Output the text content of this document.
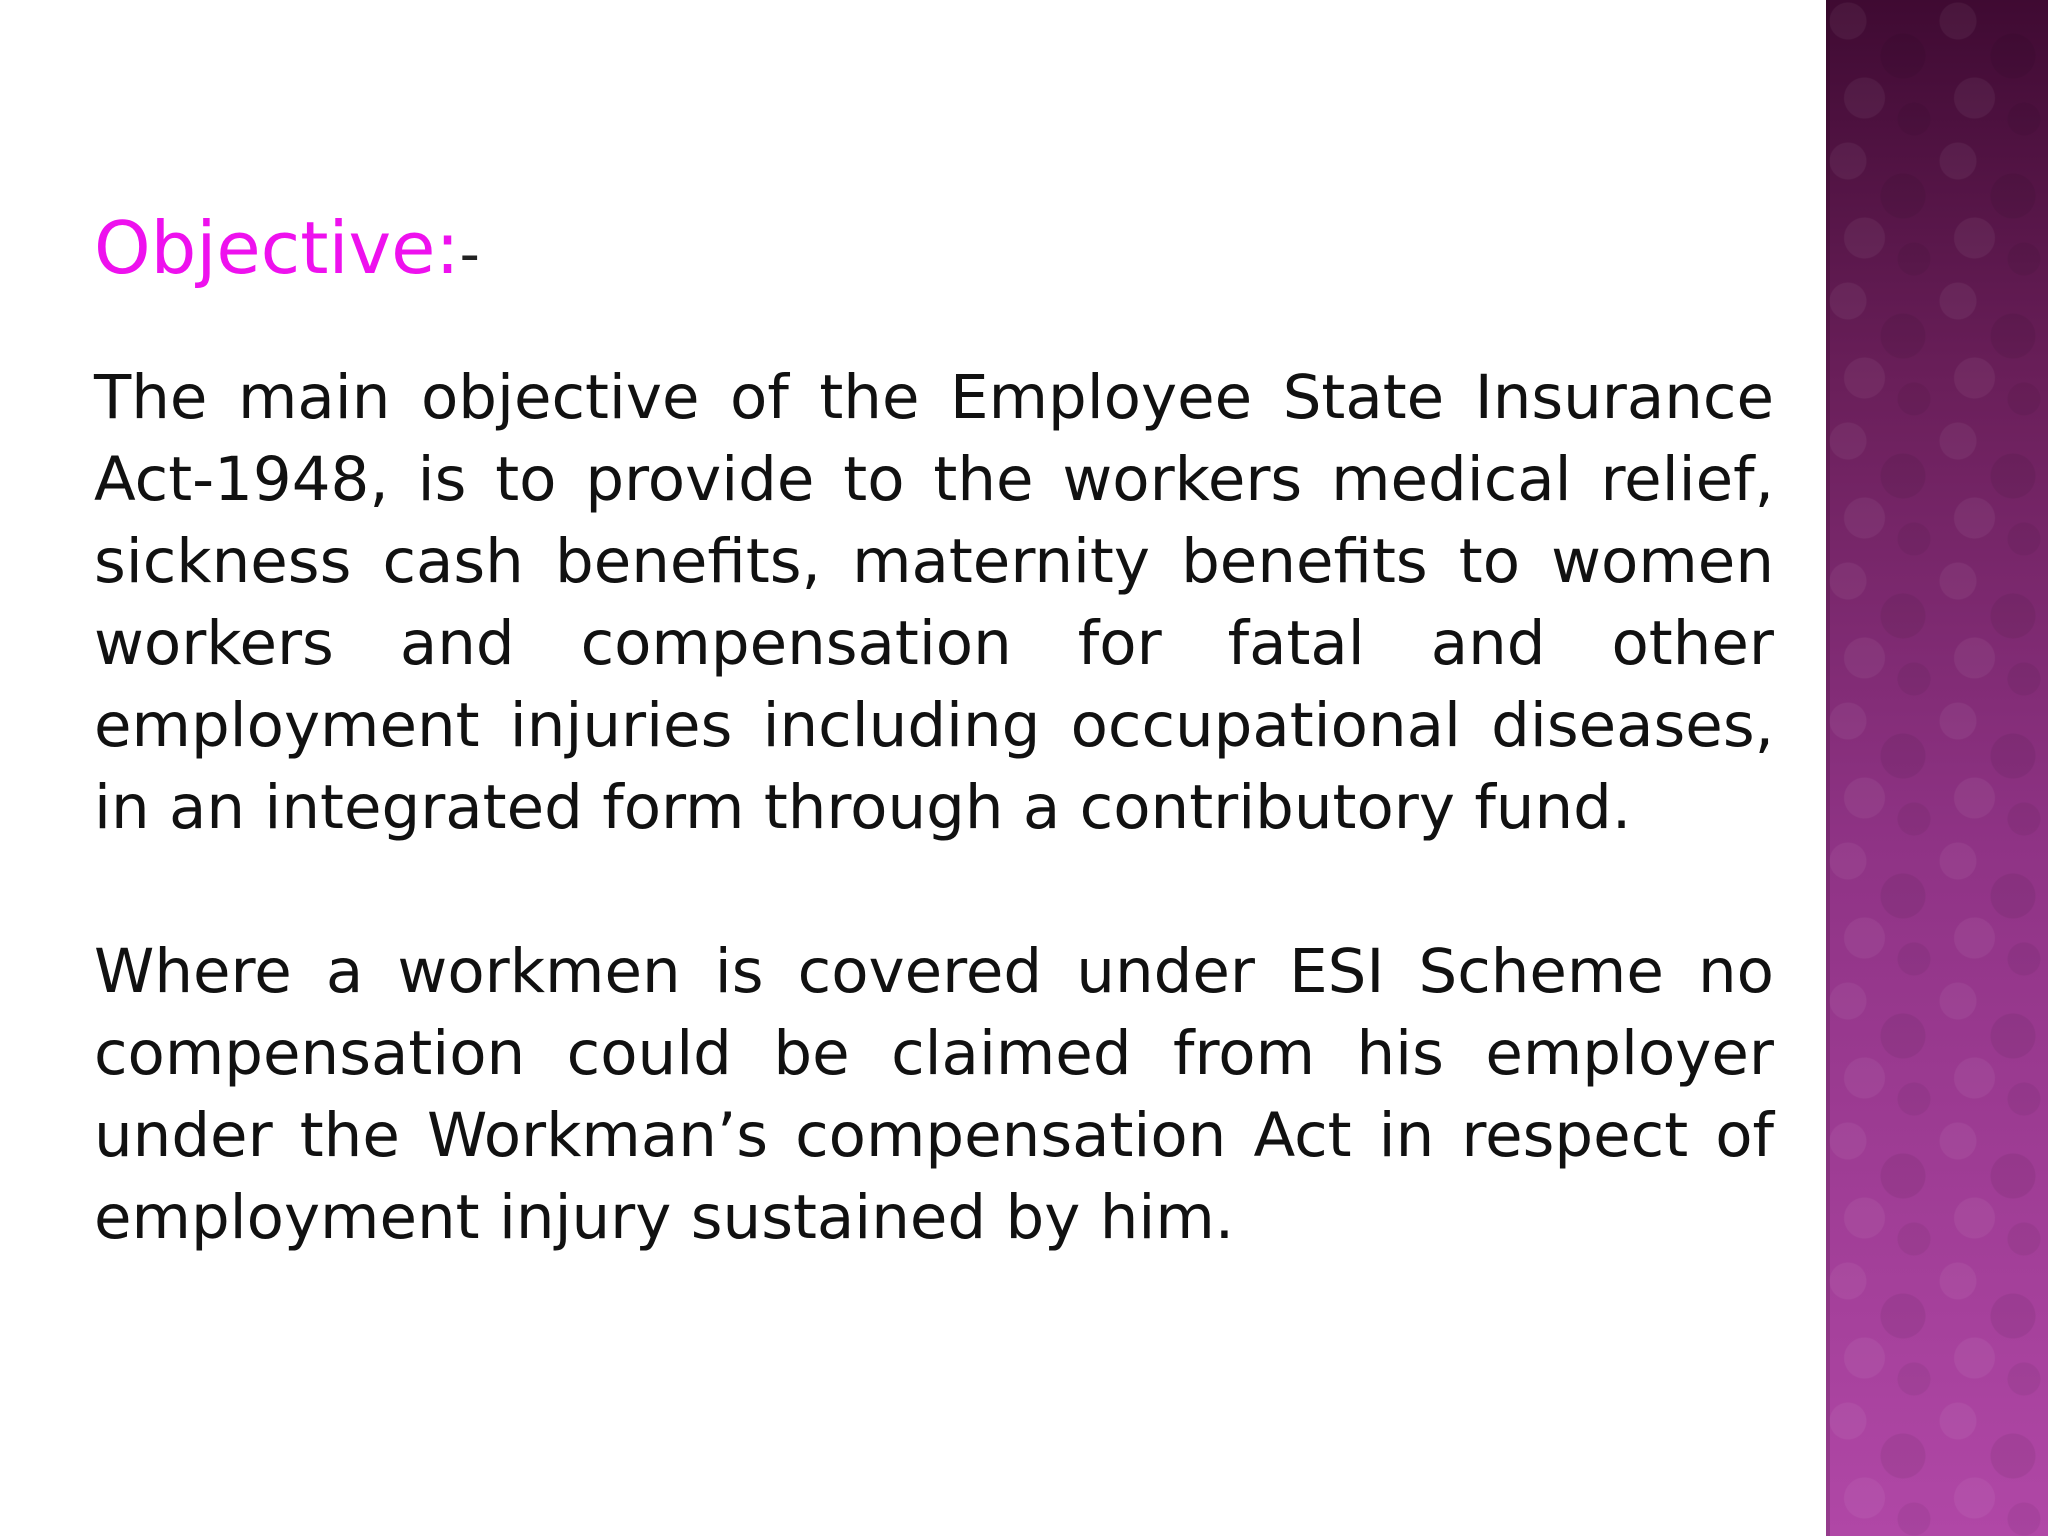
Objective:-

The main objective of the Employee State Insurance Act-1948, is to provide to the workers medical relief, sickness cash benefits, maternity benefits to women workers and compensation for fatal and other employment injuries including occupational diseases, in an integrated form through a contributory fund.

Where a workmen is covered under ESI Scheme no compensation could be claimed from his employer under the Workman’s compensation Act in respect of employment injury sustained by him.
